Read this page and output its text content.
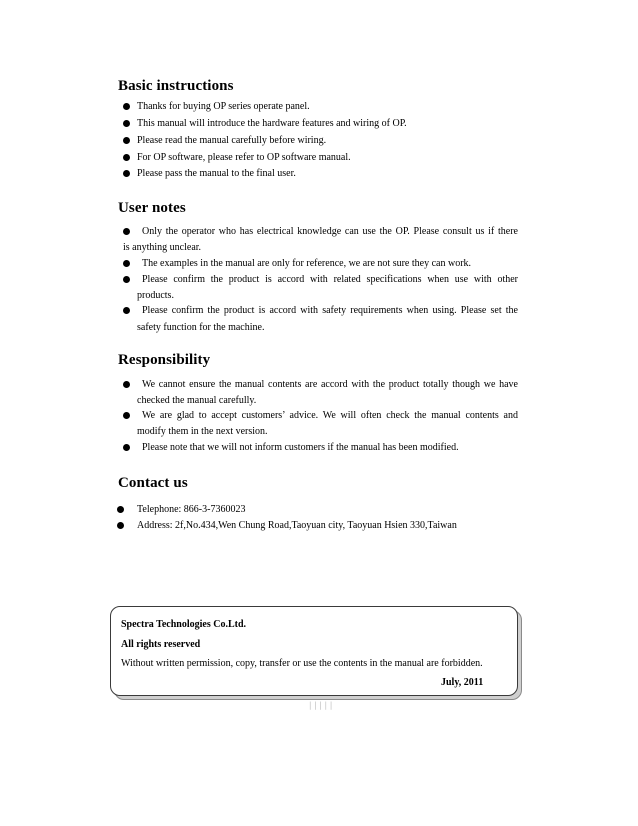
Basic instructions
Thanks for buying OP series operate panel.
This manual will introduce the hardware features and wiring of OP.
Please read the manual carefully before wiring.
For OP software, please refer to OP software manual.
Please pass the manual to the final user.
User notes
Only the operator who has electrical knowledge can use the OP. Please consult us if there
is anything unclear.
The examples in the manual are only for reference, we are not sure they can work.
Please confirm the product is accord with related specifications when use with other
products.
Please confirm the product is accord with safety requirements when using. Please set the
safety function for the machine.
Responsibility
We cannot ensure the manual contents are accord with the product totally though we have
checked the manual carefully.
We are glad to accept customers’ advice. We will often check the manual contents and
modify them in the next version.
Please note that we will not inform customers if the manual has been modified.
Contact us
Telephone: 866-3-7360023
Address: 2f,No.434,Wen Chung Road,Taoyuan city, Taoyuan Hsien 330,Taiwan
Spectra Technologies Co.Ltd.
All rights reserved
Without written permission, copy, transfer or use the contents in the manual are forbidden.
July, 2011
│││││
